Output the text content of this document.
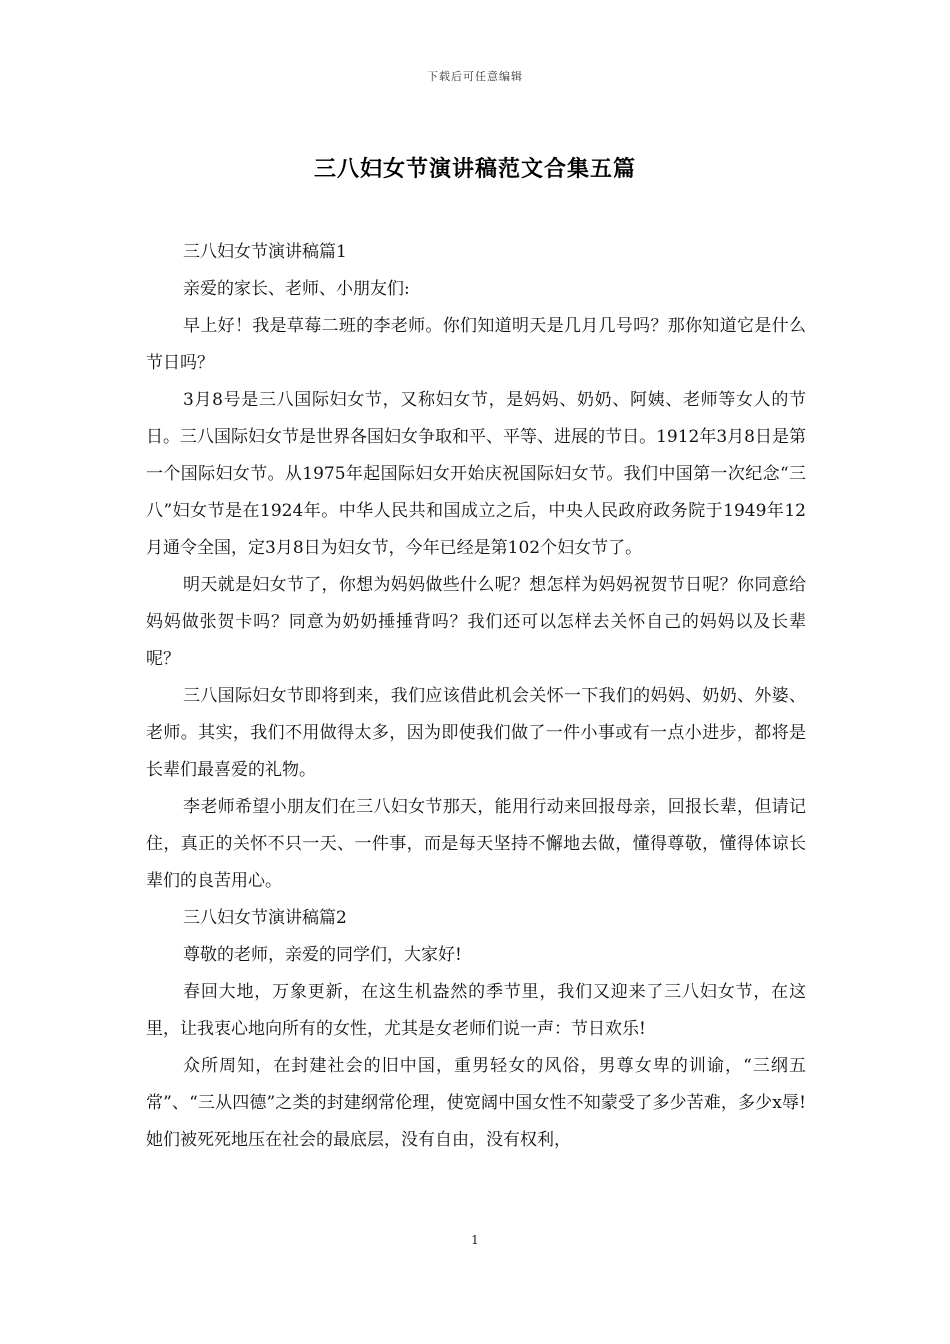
下载后可任意编辑
三八妇女节演讲稿范文合集五篇

三八妇女节演讲稿篇1

亲爱的家长、老师、小朋友们:

早上好！我是草莓二班的李老师。你们知道明天是几月几号吗？那你知道它是什么节日吗？

3月8号是三八国际妇女节，又称妇女节，是妈妈、奶奶、阿姨、老师等女人的节日。三八国际妇女节是世界各国妇女争取和平、平等、进展的节日。1912年3月8日是第一个国际妇女节。从1975年起国际妇女开始庆祝国际妇女节。我们中国第一次纪念“三八”妇女节是在1924年。中华人民共和国成立之后，中央人民政府政务院于1949年12月通令全国，定3月8日为妇女节，今年已经是第102个妇女节了。

明天就是妇女节了，你想为妈妈做些什么呢？想怎样为妈妈祝贺节日呢？你同意给妈妈做张贺卡吗？同意为奶奶捶捶背吗？我们还可以怎样去关怀自己的妈妈以及长辈呢？

三八国际妇女节即将到来，我们应该借此机会关怀一下我们的妈妈、奶奶、外婆、老师。其实，我们不用做得太多，因为即使我们做了一件小事或有一点小进步，都将是长辈们最喜爱的礼物。

李老师希望小朋友们在三八妇女节那天，能用行动来回报母亲，回报长辈，但请记住，真正的关怀不只一天、一件事，而是每天坚持不懈地去做，懂得尊敬，懂得体谅长辈们的良苦用心。

三八妇女节演讲稿篇2

尊敬的老师，亲爱的同学们，大家好!

春回大地，万象更新，在这生机盎然的季节里，我们又迎来了三八妇女节，在这里，让我衷心地向所有的女性，尤其是女老师们说一声：节日欢乐!

众所周知，在封建社会的旧中国，重男轻女的风俗，男尊女卑的训谕，“三纲五常”、“三从四德”之类的封建纲常伦理，使宽阔中国女性不知蒙受了多少苦难，多少x辱!她们被死死地压在社会的最底层，没有自由，没有权利，

1
